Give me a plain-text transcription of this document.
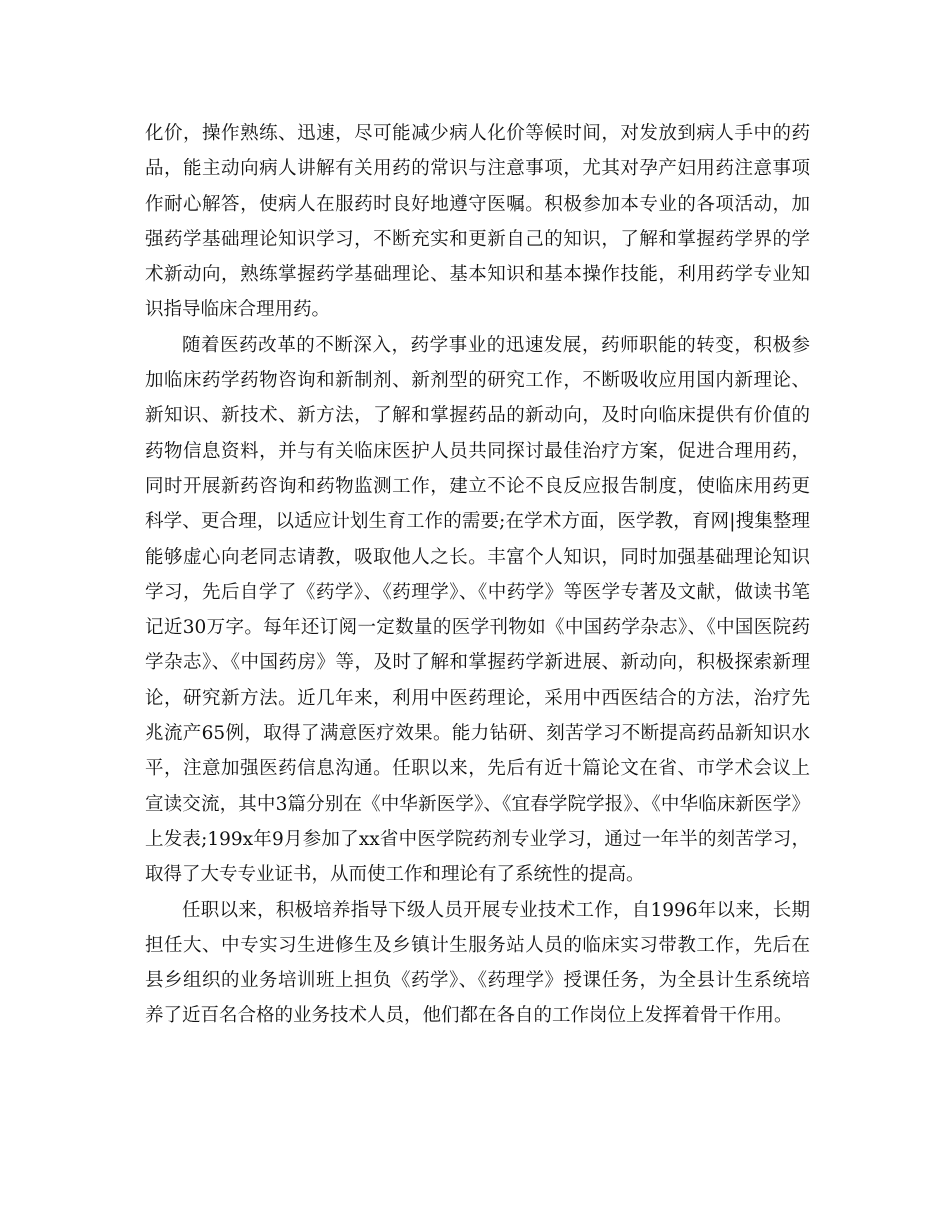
化价，操作熟练、迅速，尽可能减少病人化价等候时间，对发放到病人手中的药品，能主动向病人讲解有关用药的常识与注意事项，尤其对孕产妇用药注意事项作耐心解答，使病人在服药时良好地遵守医嘱。积极参加本专业的各项活动，加强药学基础理论知识学习，不断充实和更新自己的知识，了解和掌握药学界的学术新动向，熟练掌握药学基础理论、基本知识和基本操作技能，利用药学专业知识指导临床合理用药。

随着医药改革的不断深入，药学事业的迅速发展，药师职能的转变，积极参加临床药学药物咨询和新制剂、新剂型的研究工作，不断吸收应用国内新理论、新知识、新技术、新方法，了解和掌握药品的新动向，及时向临床提供有价值的药物信息资料，并与有关临床医护人员共同探讨最佳治疗方案，促进合理用药，同时开展新药咨询和药物监测工作，建立不论不良反应报告制度，使临床用药更科学、更合理，以适应计划生育工作的需要;在学术方面，医学教，育网|搜集整理能够虚心向老同志请教，吸取他人之长。丰富个人知识，同时加强基础理论知识学习，先后自学了《药学》、《药理学》、《中药学》等医学专著及文献，做读书笔记近30万字。每年还订阅一定数量的医学刊物如《中国药学杂志》、《中国医院药学杂志》、《中国药房》等，及时了解和掌握药学新进展、新动向，积极探索新理论，研究新方法。近几年来，利用中医药理论，采用中西医结合的方法，治疗先兆流产65例，取得了满意医疗效果。能力钻研、刻苦学习不断提高药品新知识水平，注意加强医药信息沟通。任职以来，先后有近十篇论文在省、市学术会议上宣读交流，其中3篇分别在《中华新医学》、《宜春学院学报》、《中华临床新医学》上发表;199x年9月参加了xx省中医学院药剂专业学习，通过一年半的刻苦学习，取得了大专专业证书，从而使工作和理论有了系统性的提高。

任职以来，积极培养指导下级人员开展专业技术工作，自1996年以来，长期担任大、中专实习生进修生及乡镇计生服务站人员的临床实习带教工作，先后在县乡组织的业务培训班上担负《药学》、《药理学》授课任务，为全县计生系统培养了近百名合格的业务技术人员，他们都在各自的工作岗位上发挥着骨干作用。
